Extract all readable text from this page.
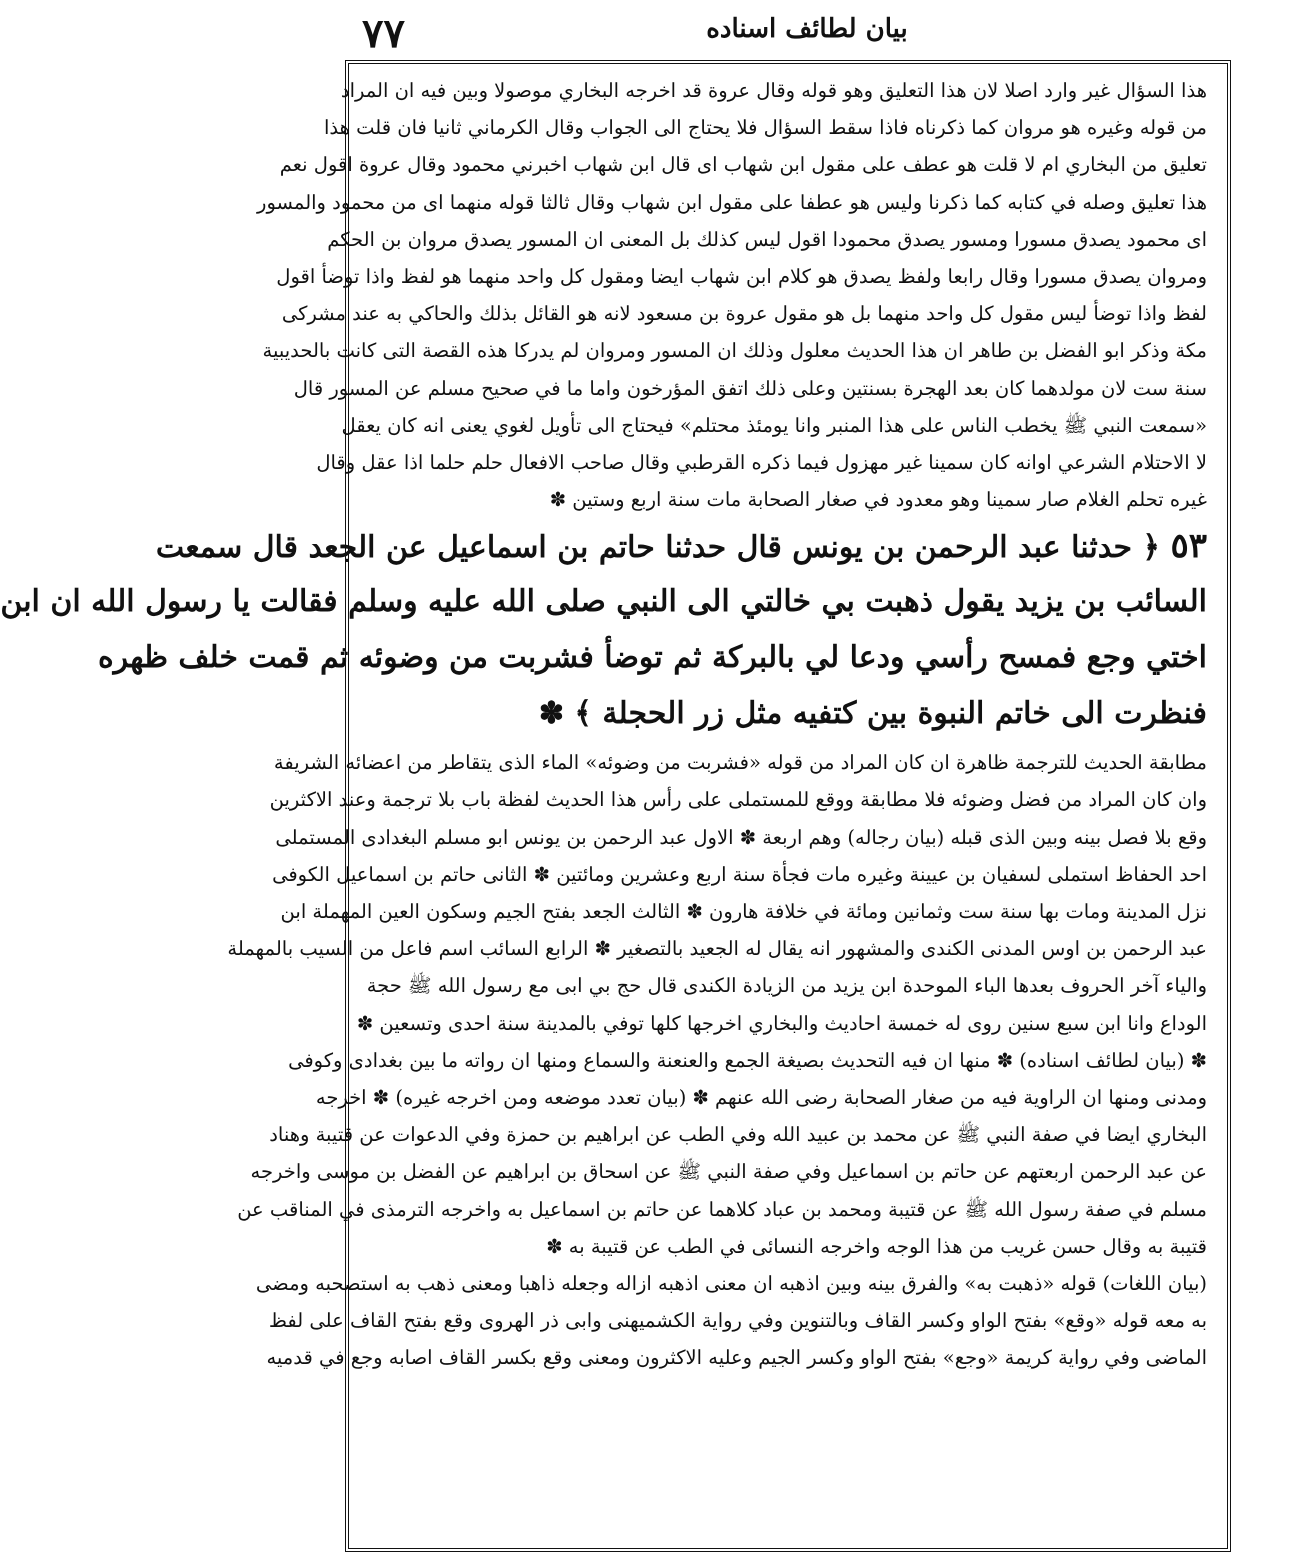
٧٧	بيان لطائف اسناده
هذا السؤال غير وارد اصلا لان هذا التعليق وهو قوله وقال عروة قد اخرجه البخاري موصولا وبين فيه ان المراد
من قوله وغيره هو مروان كما ذكرناه فاذا سقط السؤال فلا يحتاج الى الجواب وقال الكرماني ثانيا فان قلت هذا
تعليق من البخاري ام لا قلت هو عطف على مقول ابن شهاب اى قال ابن شهاب اخبرني محمود وقال عروة اقول نعم
هذا تعليق وصله في كتابه كما ذكرنا وليس هو عطفا على مقول ابن شهاب وقال ثالثا قوله منهما اى من محمود والمسور
اى محمود يصدق مسورا ومسور يصدق محمودا اقول ليس كذلك بل المعنى ان المسور يصدق مروان بن الحكم
ومروان يصدق مسورا وقال رابعا ولفظ يصدق هو كلام ابن شهاب ايضا ومقول كل واحد منهما هو لفظ واذا توضأ اقول
لفظ واذا توضأ ليس مقول كل واحد منهما بل هو مقول عروة بن مسعود لانه هو القائل بذلك والحاكي به عند مشركى
مكة وذكر ابو الفضل بن طاهر ان هذا الحديث معلول وذلك ان المسور ومروان لم يدركا هذه القصة التى كانت بالحديبية
سنة ست لان مولدهما كان بعد الهجرة بسنتين وعلى ذلك اتفق المؤرخون واما ما في صحيح مسلم عن المسور قال
«سمعت النبي ﷺ يخطب الناس على هذا المنبر وانا يومئذ محتلم» فيحتاج الى تأويل لغوي يعنى انه كان يعقل
لا الاحتلام الشرعي اوانه كان سمينا غير مهزول فيما ذكره القرطبي وقال صاحب الافعال حلم حلما اذا عقل وقال
غيره تحلم الغلام صار سمينا وهو معدود في صغار الصحابة مات سنة اربع وستين ✽
٥٣ ﴿ حدثنا عبد الرحمن بن يونس قال حدثنا حاتم بن اسماعيل عن الجعد قال سمعت
السائب بن يزيد يقول ذهبت بي خالتي الى النبي صلى الله عليه وسلم فقالت يا رسول الله ان ابن
اختي وجع فمسح رأسي ودعا لي بالبركة ثم توضأ فشربت من وضوئه ثم قمت خلف ظهره
فنظرت الى خاتم النبوة بين كتفيه مثل زر الحجلة ﴾ ✽
مطابقة الحديث للترجمة ظاهرة ان كان المراد من قوله «فشربت من وضوئه» الماء الذى يتقاطر من اعضائه الشريفة
وان كان المراد من فضل وضوئه فلا مطابقة ووقع للمستملى على رأس هذا الحديث لفظة باب بلا ترجمة وعند الاكثرين
وقع بلا فصل بينه وبين الذى قبله (بيان رجاله) وهم اربعة ✽ الاول عبد الرحمن بن يونس ابو مسلم البغدادى المستملى
احد الحفاظ استملى لسفيان بن عيينة وغيره مات فجأة سنة اربع وعشرين ومائتين ✽ الثانى حاتم بن اسماعيل الكوفى
نزل المدينة ومات بها سنة ست وثمانين ومائة في خلافة هارون ✽ الثالث الجعد بفتح الجيم وسكون العين المهملة ابن
عبد الرحمن بن اوس المدنى الكندى والمشهور انه يقال له الجعيد بالتصغير ✽ الرابع السائب اسم فاعل من السيب بالمهملة
والياء آخر الحروف بعدها الباء الموحدة ابن يزيد من الزيادة الكندى قال حج بي ابى مع رسول الله ﷺ حجة
الوداع وانا ابن سبع سنين روى له خمسة احاديث والبخاري اخرجها كلها توفي بالمدينة سنة احدى وتسعين ✽
✽ (بيان لطائف اسناده) ✽ منها ان فيه التحديث بصيغة الجمع والعنعنة والسماع ومنها ان رواته ما بين بغدادى وكوفى
ومدنى ومنها ان الراوية فيه من صغار الصحابة رضى الله عنهم ✽ (بيان تعدد موضعه ومن اخرجه غيره) ✽ اخرجه
البخاري ايضا في صفة النبي ﷺ عن محمد بن عبيد الله وفي الطب عن ابراهيم بن حمزة وفي الدعوات عن قتيبة وهناد
عن عبد الرحمن اربعتهم عن حاتم بن اسماعيل وفي صفة النبي ﷺ عن اسحاق بن ابراهيم عن الفضل بن موسى واخرجه
مسلم في صفة رسول الله ﷺ عن قتيبة ومحمد بن عباد كلاهما عن حاتم بن اسماعيل به واخرجه الترمذى في المناقب عن
قتيبة به وقال حسن غريب من هذا الوجه واخرجه النسائى في الطب عن قتيبة به ✽
(بيان اللغات) قوله «ذهبت به» والفرق بينه وبين اذهبه ان معنى اذهبه ازاله وجعله ذاهبا ومعنى ذهب به استصحبه ومضى
به معه قوله «وقع» بفتح الواو وكسر القاف وبالتنوين وفي رواية الكشميهنى وابى ذر الهروى وقع بفتح القاف على لفظ
الماضى وفي رواية كريمة «وجع» بفتح الواو وكسر الجيم وعليه الاكثرون ومعنى وقع بكسر القاف اصابه وجع في قدميه
